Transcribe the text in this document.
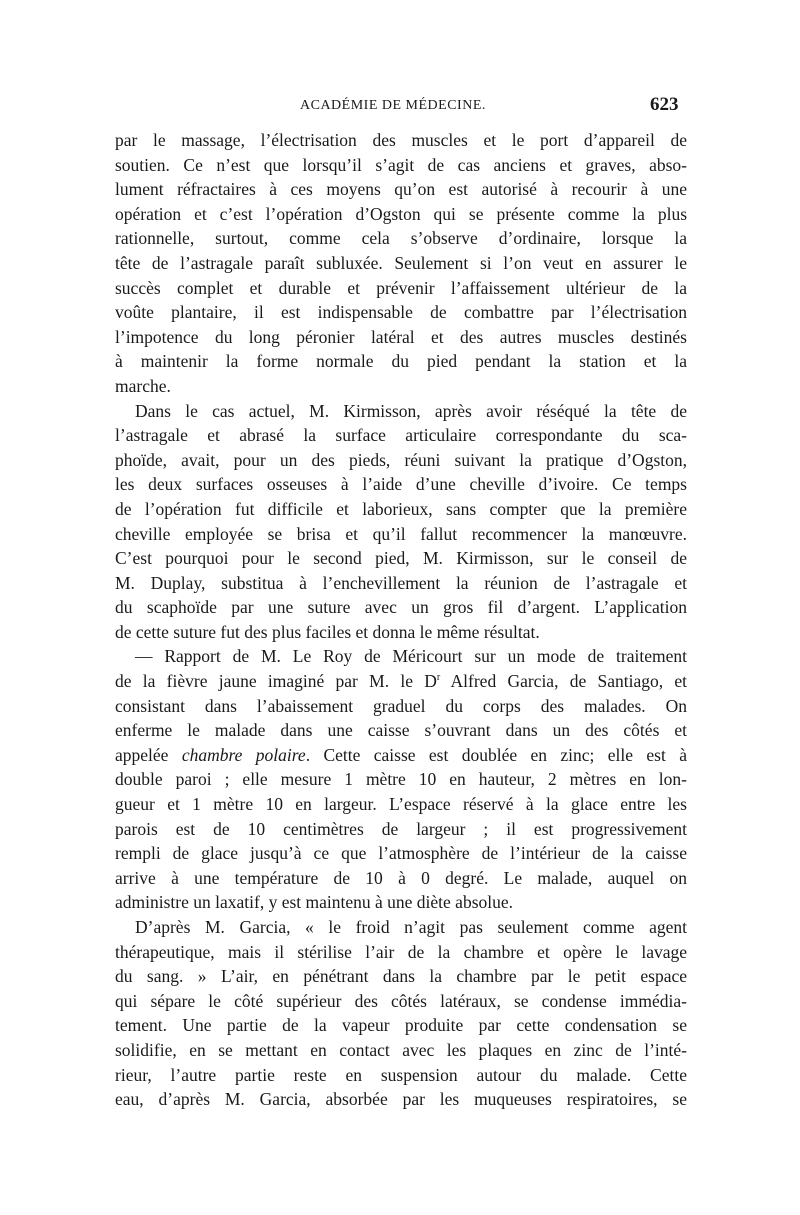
ACADÉMIE DE MÉDECINE.	623
par le massage, l’électrisation des muscles et le port d’appareil de
soutien. Ce n’est que lorsqu’il s’agit de cas anciens et graves, abso-
lument réfractaires à ces moyens qu’on est autorisé à recourir à une
opération et c’est l’opération d’Ogston qui se présente comme la plus
rationnelle, surtout, comme cela s’observe d’ordinaire, lorsque la
tête de l’astragale paraît subluxée. Seulement si l’on veut en assurer le
succès complet et durable et prévenir l’affaissement ultérieur de la
voûte plantaire, il est indispensable de combattre par l’électrisation
l’impotence du long péronier latéral et des autres muscles destinés
à maintenir la forme normale du pied pendant la station et la
marche.
Dans le cas actuel, M. Kirmisson, après avoir réséqué la tête de
l’astragale et abrasé la surface articulaire correspondante du sca-
phoïde, avait, pour un des pieds, réuni suivant la pratique d’Ogston,
les deux surfaces osseuses à l’aide d’une cheville d’ivoire. Ce temps
de l’opération fut difficile et laborieux, sans compter que la première
cheville employée se brisa et qu’il fallut recommencer la manœuvre.
C’est pourquoi pour le second pied, M. Kirmisson, sur le conseil de
M. Duplay, substitua à l’enchevillement la réunion de l’astragale et
du scaphoïde par une suture avec un gros fil d’argent. L’application
de cette suture fut des plus faciles et donna le même résultat.
— Rapport de M. Le Roy de Méricourt sur un mode de traitement
de la fièvre jaune imaginé par M. le $D^r$ Alfred Garcia, de Santiago, et
consistant dans l’abaissement graduel du corps des malades. On
enferme le malade dans une caisse s’ouvrant dans un des côtés et
appelée chambre polaire. Cette caisse est doublée en zinc; elle est à
double paroi ; elle mesure 1 mètre 10 en hauteur, 2 mètres en lon-
gueur et 1 mètre 10 en largeur. L’espace réservé à la glace entre les
parois est de 10 centimètres de largeur ; il est progressivement
rempli de glace jusqu’à ce que l’atmosphère de l’intérieur de la caisse
arrive à une température de 10 à 0 degré. Le malade, auquel on
administre un laxatif, y est maintenu à une diète absolue.
D’après M. Garcia, « le froid n’agit pas seulement comme agent
thérapeutique, mais il stérilise l’air de la chambre et opère le lavage
du sang. » L’air, en pénétrant dans la chambre par le petit espace
qui sépare le côté supérieur des côtés latéraux, se condense immédia-
tement. Une partie de la vapeur produite par cette condensation se
solidifie, en se mettant en contact avec les plaques en zinc de l’inté-
rieur, l’autre partie reste en suspension autour du malade. Cette
eau, d’après M. Garcia, absorbée par les muqueuses respiratoires, se
